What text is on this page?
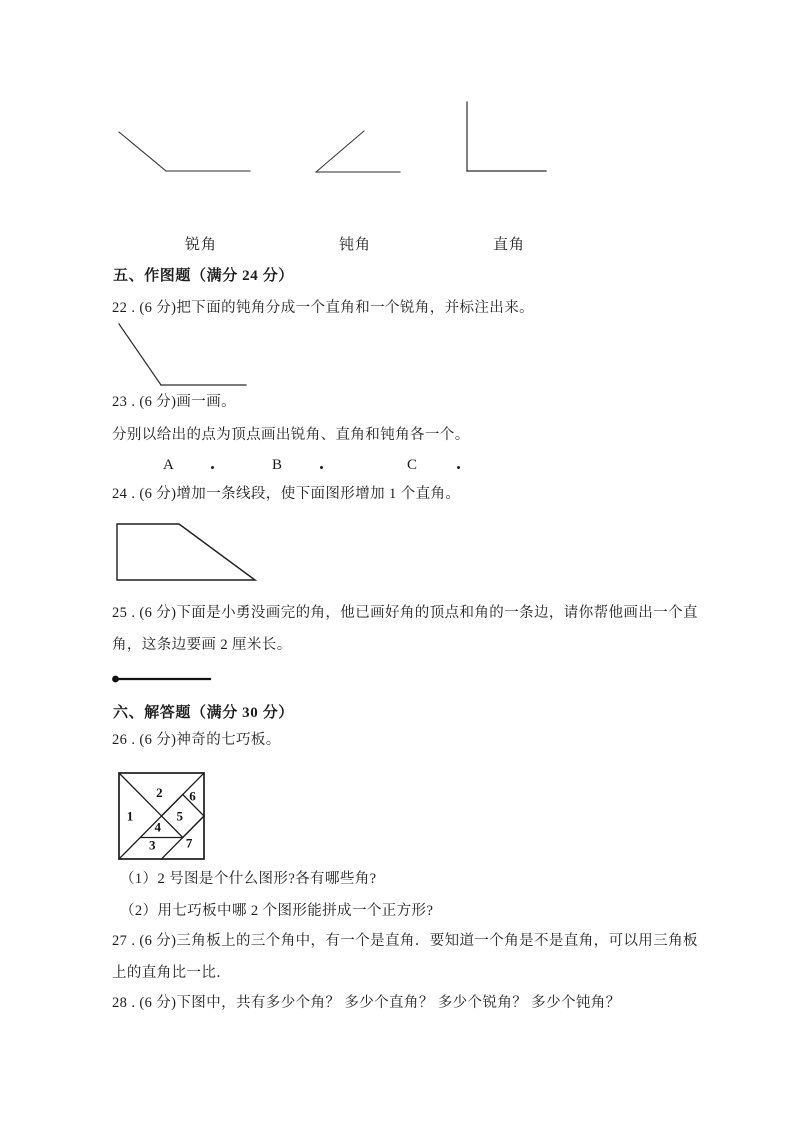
锐角	钝角	直角
五、作图题（满分 24 分）
22 . (6 分)把下面的钝角分成一个直角和一个锐角，并标注出来。
23 . (6 分)画一画。
分别以给出的点为顶点画出锐角、直角和钝角各一个。
A	B	C
24 . (6 分)增加一条线段，使下面图形增加 1 个直角。
25 . (6 分)下面是小勇没画完的角，他已画好角的顶点和角的一条边，请你帮他画出一个直
角，这条边要画 2 厘米长。
六、解答题（满分 30 分）
26 . (6 分)神奇的七巧板。
1
2
3
4
5
6
7
（1）2 号图是个什么图形?各有哪些角?
（2）用七巧板中哪 2 个图形能拼成一个正方形?
27 . (6 分)三角板上的三个角中，有一个是直角．要知道一个角是不是直角，可以用三角板
上的直角比一比．
28 . (6 分)下图中，共有多少个角？ 多少个直角？ 多少个锐角？ 多少个钝角？
